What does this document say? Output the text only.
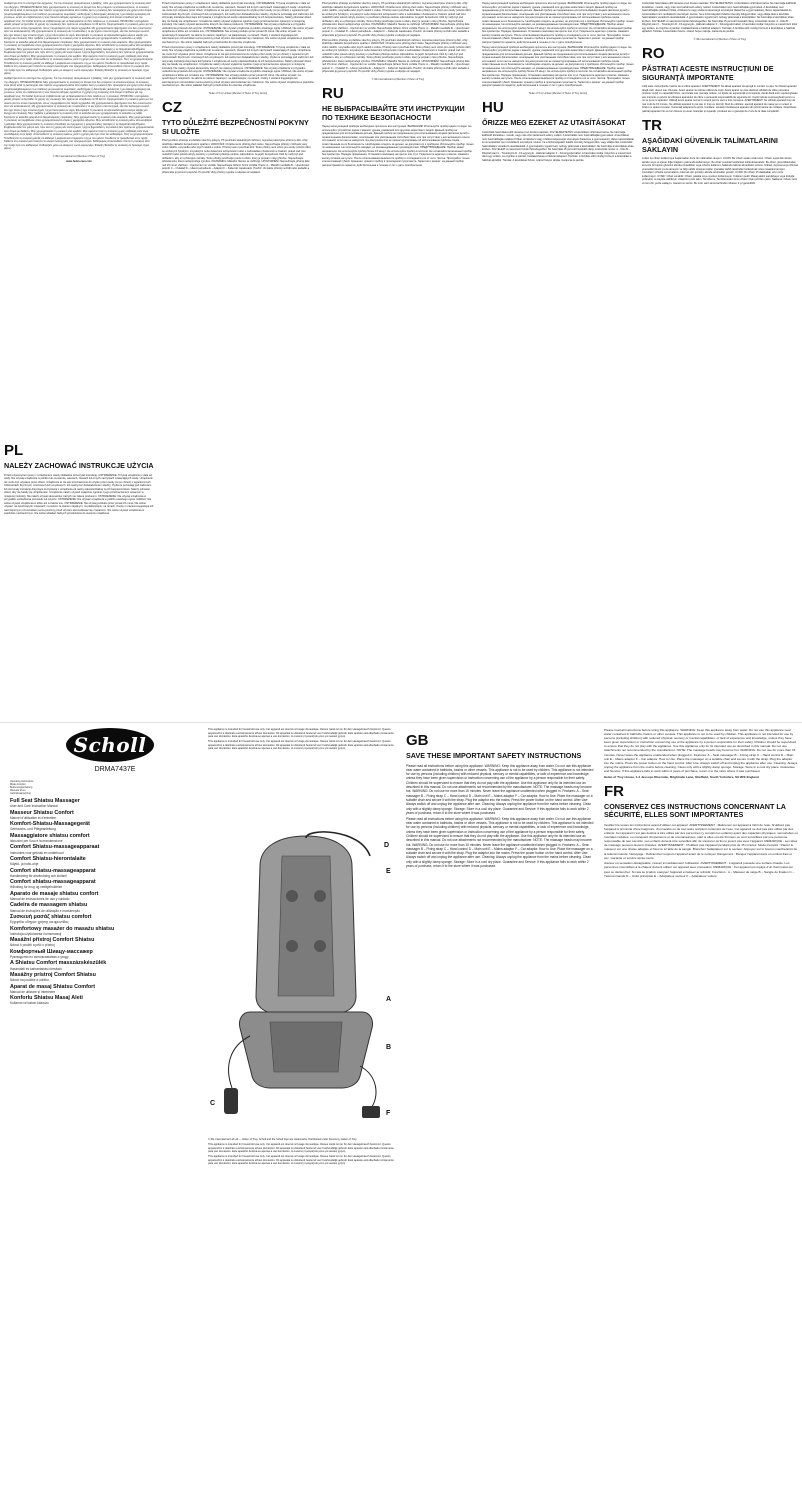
ανεξάρτητα από το σύστημα του οχήματος. Για την αποφυγή τραυματισμών ή βλάβης, ποτέ μην χρησιμοποιείτε τη συσκευή κατά την οδήγηση. ΠΡΟΕΙΔΟΠΟΙΗΣΗ: Μην χρησιμοποιείτε τη συσκευή σε άτομα που δεν μπορούν να επικοινωνήσουν. Η συσκευή είναι ζεστή κατά τη λειτουργία. Δεν πρέπει να χρησιμοποιείται από παιδιά. Αυτή η συσκευή δεν προορίζεται για χρήση από άτομα (συμπεριλαμβανομένων των παιδιών) με μειωμένες σωματικές, αισθητήριες ή διανοητικές ικανότητες ή με έλλειψη εμπειρίας και γνώσεων, εκτός αν επιβλέπονται ή τους δίνονται οδηγίες σχετικά με τη χρήση της συσκευής από άτομο υπεύθυνο για την ασφάλειά τους. Τα παιδιά πρέπει να επιβλέπονται για να διασφαλιστεί ότι δεν παίζουν με τη συσκευή. ΠΡΟΣΟΧΗ: Η επιφάνεια μασάζ μπορεί να ζεσταθεί. Η χρήση της συσκευής δεν πρέπει να υπερβαίνει τα 15 λεπτά. Χρησιμοποιείτε τη συσκευή μόνο για τον σκοπό για τον οποίο προορίζεται, όπως περιγράφεται στο παρόν εγχειρίδιο. Μη χρησιμοποιείτε εξαρτήματα που δεν συνιστώνται από τον κατασκευαστή. Μη χρησιμοποιείτε τη συσκευή εάν το καλώδιο ή το φις έχουν υποστεί ζημιά, εάν δεν λειτουργεί σωστά, εάν έχει πέσει ή έχει υποστεί ζημιά, ή έχει πέσει μέσα σε νερό. Επιστρέψτε τη συσκευή σε εξουσιοδοτημένο κέντρο σέρβις για έλεγχο και επισκευή. Μην τραβάτε ή μεταφέρετε τη συσκευή από το καλώδιο και μην χρησιμοποιείτε το καλώδιο ως λαβή. Κρατήστε το καλώδιο μακριά από θερμαινόμενες επιφάνειες. Μην χρησιμοποιείτε τη συσκευή όταν κοιμάστε. Μην χρησιμοποιείτε τη συσκευή σε περιβάλλον όπου χρησιμοποιούνται σπρέι ή χορηγείται οξυγόνο. Μην τοποθετείτε τη συσκευή κάτω από κουβέρτα ή μαξιλάρι. Μην χρησιμοποιείτε τη συσκευή απευθείας σε πρησμένες ή φλεγμονώδεις περιοχές ή σε δερματικά εξανθήματα. Συμβουλευτείτε τον γιατρό σας πριν από τη χρήση εάν είστε έγκυος ή έχετε βηματοδότη. Η συσκευή δεν πρέπει να χρησιμοποιείται από άτομα με διαβήτη. Μην χρησιμοποιείτε τη συσκευή στο κρεβάτι. Μην αφήνετε ποτέ τη συσκευή χωρίς επίβλεψη όταν είναι συνδεδεμένη στην πρίζα. Αποσυνδέστε τη συσκευή αμέσως μετά τη χρήση και πριν από τον καθαρισμό. Πώς να χρησιμοποιήσετε Τοποθετήστε τη συσκευή μασάζ σε κάθισμα ή καρέκλα και στερεώστε την με τον ιμάντα. Συνδέστε το τροφοδοτικό στην πρίζα. Καθίστε στη συσκευή και πατήστε το κουμπί λειτουργίας στο τηλεχειριστήριο. Καθαρισμός Αποσυνδέετε πάντα τη συσκευή από την πρίζα πριν τον καθαρισμό. Καθαρίζετε μόνο με ελαφρώς νωπό σφουγγάρι. Φύλαξη Φυλάξτε τη συσκευή σε δροσερό, ξηρό μέρος.

ανεξάρτητα από το σύστημα του οχήματος. Για την αποφυγή τραυματισμών ή βλάβης, ποτέ μην χρησιμοποιείτε τη συσκευή κατά την οδήγηση. ΠΡΟΕΙΔΟΠΟΙΗΣΗ: Μην χρησιμοποιείτε τη συσκευή σε άτομα που δεν μπορούν να επικοινωνήσουν. Η συσκευή είναι ζεστή κατά τη λειτουργία. Δεν πρέπει να χρησιμοποιείται από παιδιά. Αυτή η συσκευή δεν προορίζεται για χρήση από άτομα (συμπεριλαμβανομένων των παιδιών) με μειωμένες σωματικές, αισθητήριες ή διανοητικές ικανότητες ή με έλλειψη εμπειρίας και γνώσεων, εκτός αν επιβλέπονται ή τους δίνονται οδηγίες σχετικά με τη χρήση της συσκευής από άτομο υπεύθυνο για την ασφάλειά τους. Τα παιδιά πρέπει να επιβλέπονται για να διασφαλιστεί ότι δεν παίζουν με τη συσκευή. ΠΡΟΣΟΧΗ: Η επιφάνεια μασάζ μπορεί να ζεσταθεί. Η χρήση της συσκευής δεν πρέπει να υπερβαίνει τα 15 λεπτά. Χρησιμοποιείτε τη συσκευή μόνο για τον σκοπό για τον οποίο προορίζεται, όπως περιγράφεται στο παρόν εγχειρίδιο. Μη χρησιμοποιείτε εξαρτήματα που δεν συνιστώνται από τον κατασκευαστή. Μη χρησιμοποιείτε τη συσκευή εάν το καλώδιο ή το φις έχουν υποστεί ζημιά, εάν δεν λειτουργεί σωστά, εάν έχει πέσει ή έχει υποστεί ζημιά, ή έχει πέσει μέσα σε νερό. Επιστρέψτε τη συσκευή σε εξουσιοδοτημένο κέντρο σέρβις για έλεγχο και επισκευή. Μην τραβάτε ή μεταφέρετε τη συσκευή από το καλώδιο και μην χρησιμοποιείτε το καλώδιο ως λαβή. Κρατήστε το καλώδιο μακριά από θερμαινόμενες επιφάνειες. Μην χρησιμοποιείτε τη συσκευή όταν κοιμάστε. Μην χρησιμοποιείτε τη συσκευή σε περιβάλλον όπου χρησιμοποιούνται σπρέι ή χορηγείται οξυγόνο. Μην τοποθετείτε τη συσκευή κάτω από κουβέρτα ή μαξιλάρι. Μην χρησιμοποιείτε τη συσκευή απευθείας σε πρησμένες ή φλεγμονώδεις περιοχές ή σε δερματικά εξανθήματα. Συμβουλευτείτε τον γιατρό σας πριν από τη χρήση εάν είστε έγκυος ή έχετε βηματοδότη. Η συσκευή δεν πρέπει να χρησιμοποιείται από άτομα με διαβήτη. Μην χρησιμοποιείτε τη συσκευή στο κρεβάτι. Μην αφήνετε ποτέ τη συσκευή χωρίς επίβλεψη όταν είναι συνδεδεμένη στην πρίζα. Αποσυνδέστε τη συσκευή αμέσως μετά τη χρήση και πριν από τον καθαρισμό. Πώς να χρησιμοποιήσετε Τοποθετήστε τη συσκευή μασάζ σε κάθισμα ή καρέκλα και στερεώστε την με τον ιμάντα. Συνδέστε το τροφοδοτικό στην πρίζα. Καθίστε στη συσκευή και πατήστε το κουμπί λειτουργίας στο τηλεχειριστήριο. Καθαρισμός Αποσυνδέετε πάντα τη συσκευή από την πρίζα πριν τον καθαρισμό. Καθαρίζετε μόνο με ελαφρώς νωπό σφουγγάρι. Φύλαξη Φυλάξτε τη συσκευή σε δροσερό, ξηρό μέρος.

© IDL International Ltd (Member of Helen of Troy)

www.helen-care.com

PL
NALEŻY ZACHOWAĆ INSTRUKCJE UŻYCIA

Przed rozpoczęciem pracy z urządzeniem należy dokładnie przeczytać instrukcję. OSTRZEŻENIE: Trzymaj urządzenie z dala od wody. Nie używaj urządzenia w pobliżu lub na wannie, wannach, zlewach lub innych naczyniach zawierających wodę. Urządzenie nie może być używane przez dzieci. Urządzenie to nie jest przeznaczone do użytku przez osoby (w tym dzieci) o ograniczonych zdolnościach fizycznych, czuciowych lub umysłowych, lub osoby bez doświadczenia i wiedzy, chyba że pozostają pod nadzorem lub otrzymały instrukcje dotyczące korzystania z urządzenia od osoby odpowiedzialnej za ich bezpieczeństwo. Należy pilnować dzieci, aby nie bawiły się urządzeniem. Urządzenie należy używać wyłącznie zgodnie z jego przeznaczeniem opisanym w niniejszej instrukcji. Nie należy używać akcesoriów, których nie zaleca producent. OSTRZEŻENIE: Nie używaj urządzenia w przypadku uszkodzenia przewodu lub wtyczki. OSTRZEŻENIE: Nie używać urządzenia w pobliżu otwartego ognia. UWAGA: Nie wolno używać urządzenia w łóżku ani w trakcie snu. OSTRZEŻENIE: Nie używaj produktu przez ponad 15 minut. Nie wolno używać: na opuchniętych miejscach; na skórze ze stanem zapalnym; na płaskostopiu; na ranach. Osoby z urazami kręgosłupa lub wszczepionym rozrusznikiem serca powinny przed użyciem skonsultować się z lekarzem. Nie wolno używać urządzenia w pojeździe mechanicznym. Nie wolno wkładać żadnych przedmiotów do otworów urządzenia.

Przed rozpoczęciem pracy z urządzeniem należy dokładnie przeczytać instrukcję. OSTRZEŻENIE: Trzymaj urządzenie z dala od wody. Nie używaj urządzenia w pobliżu lub na wannie, wannach, zlewach lub innych naczyniach zawierających wodę. Urządzenie nie może być używane przez dzieci. Urządzenie to nie jest przeznaczone do użytku przez osoby (w tym dzieci) o ograniczonych zdolnościach fizycznych, czuciowych lub umysłowych, lub osoby bez doświadczenia i wiedzy, chyba że pozostają pod nadzorem lub otrzymały instrukcje dotyczące korzystania z urządzenia od osoby odpowiedzialnej za ich bezpieczeństwo. Należy pilnować dzieci, aby nie bawiły się urządzeniem. Urządzenie należy używać wyłącznie zgodnie z jego przeznaczeniem opisanym w niniejszej instrukcji. Nie należy używać akcesoriów, których nie zaleca producent. OSTRZEŻENIE: Nie używaj urządzenia w przypadku uszkodzenia przewodu lub wtyczki. OSTRZEŻENIE: Nie używać urządzenia w pobliżu otwartego ognia. UWAGA: Nie wolno używać urządzenia w łóżku ani w trakcie snu. OSTRZEŻENIE: Nie używaj produktu przez ponad 15 minut. Nie wolno używać: na opuchniętych miejscach; na skórze ze stanem zapalnym; na płaskostopiu; na ranach. Osoby z urazami kręgosłupa lub wszczepionym rozrusznikiem serca powinny przed użyciem skonsultować się z lekarzem. Nie wolno używać urządzenia w pojeździe mechanicznym. Nie wolno wkładać żadnych przedmiotów do otworów urządzenia.

Przed rozpoczęciem pracy z urządzeniem należy dokładnie przeczytać instrukcję. OSTRZEŻENIE: Trzymaj urządzenie z dala od wody. Nie używaj urządzenia w pobliżu lub na wannie, wannach, zlewach lub innych naczyniach zawierających wodę. Urządzenie nie może być używane przez dzieci. Urządzenie to nie jest przeznaczone do użytku przez osoby (w tym dzieci) o ograniczonych zdolnościach fizycznych, czuciowych lub umysłowych, lub osoby bez doświadczenia i wiedzy, chyba że pozostają pod nadzorem lub otrzymały instrukcje dotyczące korzystania z urządzenia od osoby odpowiedzialnej za ich bezpieczeństwo. Należy pilnować dzieci, aby nie bawiły się urządzeniem. Urządzenie należy używać wyłącznie zgodnie z jego przeznaczeniem opisanym w niniejszej instrukcji. Nie należy używać akcesoriów, których nie zaleca producent. OSTRZEŻENIE: Nie używaj urządzenia w przypadku uszkodzenia przewodu lub wtyczki. OSTRZEŻENIE: Nie używać urządzenia w pobliżu otwartego ognia. UWAGA: Nie wolno używać urządzenia w łóżku ani w trakcie snu. OSTRZEŻENIE: Nie używaj produktu przez ponad 15 minut. Nie wolno używać: na opuchniętych miejscach; na skórze ze stanem zapalnym; na płaskostopiu; na ranach. Osoby z urazami kręgosłupa lub wszczepionym rozrusznikiem serca powinny przed użyciem skonsultować się z lekarzem. Nie wolno używać urządzenia w pojeździe mechanicznym. Nie wolno wkładać żadnych przedmiotów do otworów urządzenia.

Helen of Troy Limited (Member of Helen of Troy Group)

CZ
TYTO DŮLEŽITÉ BEZPEČNOSTNÍ POKYNY SI ULOŽTE

Před použitím přístroje si přečtěte všechny pokyny. Při používání elektrických zařízení, zejména pokud jsou přítomny děti, vždy dodržujte základní bezpečnostní opatření. VAROVÁNÍ: Chraňte tento přístroj před vodou. Nepoužívejte přístroj v blízkosti vany, vodní nádrže, umyvadla nebo jiných nádob s vodou. Přístroj nesmí používat děti. Tento přístroj není určen pro osoby (včetně dětí) se sníženými fyzickými, smyslovými nebo duševními schopnostmi nebo s nedostatkem zkušeností a znalostí, pokud nad nimi nedohlíží nebo pokud nebyly poučeny o používání přístroje osobou odpovědnou za jejich bezpečnost. Děti by měly být pod dohledem, aby si s přístrojem nehrály. Tento přístroj používejte pouze k účelu, který je popsán v této příručce. Nepoužívejte příslušenství, které nedoporučuje výrobce. POZNÁMKA: Masážní hlavice se zahřívají. UPOZORNĚNÍ: Nepoužívejte přístroj déle než 15 minut. Zařízení - Upozornění ve vozidle. Nepoužívejte během řízení vozidla. Popis: A – Masážní sedadlo B – Upevňovací popruh C – Ovladač D – Hlavní jednotka E – Adaptér F – Kabel do zapalovače. Použití: Umístěte přístroj na židli nebo sedadlo a připevněte jej pomocí popruhů. Po použití vždy přístroj vypněte a odpojte od napájení.

Před použitím přístroje si přečtěte všechny pokyny. Při používání elektrických zařízení, zejména pokud jsou přítomny děti, vždy dodržujte základní bezpečnostní opatření. VAROVÁNÍ: Chraňte tento přístroj před vodou. Nepoužívejte přístroj v blízkosti vany, vodní nádrže, umyvadla nebo jiných nádob s vodou. Přístroj nesmí používat děti. Tento přístroj není určen pro osoby (včetně dětí) se sníženými fyzickými, smyslovými nebo duševními schopnostmi nebo s nedostatkem zkušeností a znalostí, pokud nad nimi nedohlíží nebo pokud nebyly poučeny o používání přístroje osobou odpovědnou za jejich bezpečnost. Děti by měly být pod dohledem, aby si s přístrojem nehrály. Tento přístroj používejte pouze k účelu, který je popsán v této příručce. Nepoužívejte příslušenství, které nedoporučuje výrobce. POZNÁMKA: Masážní hlavice se zahřívají. UPOZORNĚNÍ: Nepoužívejte přístroj déle než 15 minut. Zařízení - Upozornění ve vozidle. Nepoužívejte během řízení vozidla. Popis: A – Masážní sedadlo B – Upevňovací popruh C – Ovladač D – Hlavní jednotka E – Adaptér F – Kabel do zapalovače. Použití: Umístěte přístroj na židli nebo sedadlo a připevněte jej pomocí popruhů. Po použití vždy přístroj vypněte a odpojte od napájení.

Před použitím přístroje si přečtěte všechny pokyny. Při používání elektrických zařízení, zejména pokud jsou přítomny děti, vždy dodržujte základní bezpečnostní opatření. VAROVÁNÍ: Chraňte tento přístroj před vodou. Nepoužívejte přístroj v blízkosti vany, vodní nádrže, umyvadla nebo jiných nádob s vodou. Přístroj nesmí používat děti. Tento přístroj není určen pro osoby (včetně dětí) se sníženými fyzickými, smyslovými nebo duševními schopnostmi nebo s nedostatkem zkušeností a znalostí, pokud nad nimi nedohlíží nebo pokud nebyly poučeny o používání přístroje osobou odpovědnou za jejich bezpečnost. Děti by měly být pod dohledem, aby si s přístrojem nehrály. Tento přístroj používejte pouze k účelu, který je popsán v této příručce. Nepoužívejte příslušenství, které nedoporučuje výrobce. POZNÁMKA: Masážní hlavice se zahřívají. UPOZORNĚNÍ: Nepoužívejte přístroj déle než 15 minut. Zařízení - Upozornění ve vozidle. Nepoužívejte během řízení vozidla. Popis: A – Masážní sedadlo B – Upevňovací popruh C – Ovladač D – Hlavní jednotka E – Adaptér F – Kabel do zapalovače. Použití: Umístěte přístroj na židli nebo sedadlo a připevněte jej pomocí popruhů. Po použití vždy přístroj vypněte a odpojte od napájení.

© IDL International Ltd (Member of Helen of Troy)

RU
НЕ ВЫБРАСЫВАЙТЕ ЭТИ ИНСТРУКЦИИ ПО ТЕХНИКЕ БЕЗОПАСНОСТИ

Перед эксплуатацией прибора необходимо прочитать все инструкции. ВНИМАНИЕ! Используйте прибор вдали от воды. Не используйте устройство рядом с ванной, душем, раковиной или другими емкостями с водой. Данный прибор не предназначен для использования детьми. Данный прибор не предназначен для использования лицами (включая детей) с ограниченными физическими, сенсорными или умственными способностями, или при отсутствии у них жизненного опыта или знаний, если они не находятся под контролем или не проинструктированы об использовании прибора лицом, ответственным за их безопасность. Необходимо следить за детьми, не допуская игр с прибором. Используйте прибор только по назначению. Не используйте насадки, не рекомендованные производителем. ПРЕДУПРЕЖДЕНИЕ: Прибор может нагреваться. Не используйте прибор более 15 минут. Не используйте прибор в постели. Не оставляйте включенный прибор без присмотра. Порядок применения. Установите массажер на кресло или стул. Подключите адаптер к розетке. Нажмите кнопку питания на пульте. После использования выключите прибор и отсоедините его от сети. Чистка. Протирайте только слегка влажной губкой. Хранение: храните прибор в прохладном сухом месте. Гарантия и ремонт: на данный прибор распространяется гарантия, действительная в течение 2 лет с даты приобретения.

Перед эксплуатацией прибора необходимо прочитать все инструкции. ВНИМАНИЕ! Используйте прибор вдали от воды. Не используйте устройство рядом с ванной, душем, раковиной или другими емкостями с водой. Данный прибор не предназначен для использования детьми. Данный прибор не предназначен для использования лицами (включая детей) с ограниченными физическими, сенсорными или умственными способностями, или при отсутствии у них жизненного опыта или знаний, если они не находятся под контролем или не проинструктированы об использовании прибора лицом, ответственным за их безопасность. Необходимо следить за детьми, не допуская игр с прибором. Используйте прибор только по назначению. Не используйте насадки, не рекомендованные производителем. ПРЕДУПРЕЖДЕНИЕ: Прибор может нагреваться. Не используйте прибор более 15 минут. Не используйте прибор в постели. Не оставляйте включенный прибор без присмотра. Порядок применения. Установите массажер на кресло или стул. Подключите адаптер к розетке. Нажмите кнопку питания на пульте. После использования выключите прибор и отсоедините его от сети. Чистка. Протирайте только слегка влажной губкой. Хранение: храните прибор в прохладном сухом месте. Гарантия и ремонт: на данный прибор распространяется гарантия, действительная в течение 2 лет с даты приобретения.

Перед эксплуатацией прибора необходимо прочитать все инструкции. ВНИМАНИЕ! Используйте прибор вдали от воды. Не используйте устройство рядом с ванной, душем, раковиной или другими емкостями с водой. Данный прибор не предназначен для использования детьми. Данный прибор не предназначен для использования лицами (включая детей) с ограниченными физическими, сенсорными или умственными способностями, или при отсутствии у них жизненного опыта или знаний, если они не находятся под контролем или не проинструктированы об использовании прибора лицом, ответственным за их безопасность. Необходимо следить за детьми, не допуская игр с прибором. Используйте прибор только по назначению. Не используйте насадки, не рекомендованные производителем. ПРЕДУПРЕЖДЕНИЕ: Прибор может нагреваться. Не используйте прибор более 15 минут. Не используйте прибор в постели. Не оставляйте включенный прибор без присмотра. Порядок применения. Установите массажер на кресло или стул. Подключите адаптер к розетке. Нажмите кнопку питания на пульте. После использования выключите прибор и отсоедините его от сети. Чистка. Протирайте только слегка влажной губкой. Хранение: храните прибор в прохладном сухом месте. Гарантия и ремонт: на данный прибор распространяется гарантия, действительная в течение 2 лет с даты приобретения.

Helen of Troy Limited (Member of Helen of Troy Group)

HU
ŐRIZZE MEG EZEKET AZ UTASÍTÁSOKAT

A készülék használata előtt olvassa el az összes utasítást. FIGYELMEZTETÉS: A készüléket víztől távol tartsa. Ne használja kádfürdő közelében, mosdó, vagy más vizet tartalmazó edény mellett. A készüléket nem használhatják gyermekek. A készüléket nem használhatják csökkent fizikai, érzékszervi vagy szellemi képességű személyek (beleértve a gyermekeket), illetve tapasztalattal és ismeretekkel nem rendelkező személyek, kivéve, ha a biztonságukért felelős személy felügyeli őket, vagy ellátja őket a készülék használatára vonatkozó utasításokkal. A gyermekekre ügyelni kell, nehogy játszanak a készülékkel. Ne használja a készüléket alvás közben. FIGYELEM: A masszírozó felület felmelegedhet. Ne használja 15 percnél hosszabb ideig. A készülék részei: A - Ülés B - Rögzítő pánt C - Távirányító D - Fő egység E - Hálózati adapter F - Szivargyújtó kábel. A használat módja: helyezze a masszírozó ülést egy székre, és rögzítse a pánttal. Csatlakoztassa a hálózati adaptert. Tisztítás: A tisztítás előtt mindig húzza ki a készüléket a hálózati aljzatból. Tárolás: A készüléket hűvös, száraz helyen tárolja. Garancia és javítás.

A készülék használata előtt olvassa el az összes utasítást. FIGYELMEZTETÉS: A készüléket víztől távol tartsa. Ne használja kádfürdő közelében, mosdó, vagy más vizet tartalmazó edény mellett. A készüléket nem használhatják gyermekek. A készüléket nem használhatják csökkent fizikai, érzékszervi vagy szellemi képességű személyek (beleértve a gyermekeket), illetve tapasztalattal és ismeretekkel nem rendelkező személyek, kivéve, ha a biztonságukért felelős személy felügyeli őket, vagy ellátja őket a készülék használatára vonatkozó utasításokkal. A gyermekekre ügyelni kell, nehogy játszanak a készülékkel. Ne használja a készüléket alvás közben. FIGYELEM: A masszírozó felület felmelegedhet. Ne használja 15 percnél hosszabb ideig. A készülék részei: A - Ülés B - Rögzítő pánt C - Távirányító D - Fő egység E - Hálózati adapter F - Szivargyújtó kábel. A használat módja: helyezze a masszírozó ülést egy székre, és rögzítse a pánttal. Csatlakoztassa a hálózati adaptert. Tisztítás: A tisztítás előtt mindig húzza ki a készüléket a hálózati aljzatból. Tárolás: A készüléket hűvös, száraz helyen tárolja. Garancia és javítás.

© IDL International Ltd (Member of Helen of Troy)

RO
PĂSTRAȚI ACESTE INSTRUCȚIUNI DE SIGURANȚĂ IMPORTANTE

Citiți toate instrucțiunile înainte de a utiliza aparatul. AVERTISMENT: Nu lăsați aparatul să ajungă în contact cu apa. Nu folosiți aparatul lângă cazi, dușuri sau chiuvete. Acest aparat nu trebuie utilizat de copii. Acest aparat nu este destinat utilizării de către persoane (inclusiv copii) cu capacități fizice, senzoriale sau mentale reduse, ori lipsite de experiență și cunoștințe, decât dacă sunt supravegheate sau instruite cu privire la utilizarea aparatului de către o persoană responsabilă de siguranța lor. Copiii trebuie supravegheați pentru a nu se juca cu aparatul. Utilizați acest aparat numai în scopul pentru care a fost conceput. AVERTISMENT: Nu utilizați aparatul timp de mai mult de 15 minute. Nu utilizați aparatul în pat sau în timp ce dormiți. Mod de utilizare: așezați aparatul de masaj pe un scaun și fixați-l cu ajutorul curelei. Conectați adaptorul la priză. Curățare: scoateți întotdeauna aparatul din priză înainte de curățare. Depozitare: păstrați aparatul într-un loc răcoros și uscat. Garanție și reparații: produsul are o garanție de 2 ani de la data cumpărării.

TR
AŞAĞIDAKİ GÜVENLİK TALİMATLARINI SAKLAYIN

Lütfen bu cihazı kullanmaya başlamadan önce tüm talimatları okuyun. UYARI: Bu cihazı sudan uzak tutun. Cihazı suyla dolu küvet, lavabo veya su içeren diğer kapların yakınında kullanmayın. Bu cihaz çocuklar tarafından kullanılmamalıdır. Bu cihaz, güvenliklerinden sorumlu bir kişinin gözetimi altında olmadıkları veya cihazın kullanımı hakkında talimat almadıkları sürece, fiziksel, duyusal veya zihinsel yetenekleri kısıtlı ya da deneyim ve bilgi sahibi olmayan kişiler (çocuklar dahil) tarafından kullanılmak üzere tasarlanmamıştır. Çocukların cihazla oynamalarını önlemek için gözetim altında tutulmaları gerekir. UYARI: Bu cihazı 15 dakikadan uzun süre kullanmayın. UYARI: Cihaz ısınabilir. Cihazı yatakta veya uyurken kullanmayın. Kullanım şekli: Masaj aletini sandalyeye veya koltuğa yerleştirin ve kayışla sabitleyin. Adaptörü prize takın. Temizleme: Temizlemeden önce cihazın fişini prizden çekin. Saklama: Cihazı serin ve kuru bir yerde saklayın. Garanti ve servis: Bu ürün satın alma tarihinden itibaren 2 yıl garantilidir.

Scholl
DRMA7437E
Operating Instructions
Mode d'emploi
Bedienungsanleitung
Manuale d'uso
Gebruiksaanwijzing

Full Seat Shiatsu Massager

User and Care Instruction Manual

Masseur Shiatsu Confort

Manuel d'utilisation et d'entretien

Komfort-Shiatsu-Massagegerät

Gebrauchs- und Pflegeanleitung

Massaggiatore shiatsu comfort

Istruzioni per l'uso e la manutenzione

Comfort Shiatsu-massageapparaat

Instructies voor gebruik en onderhoud

Comfort Shiatsu-hierontalaite

Käyttö- ja hoito-ohje

Comfort shiatsu-massageapparat

Handledning för användning och skötsel

Comfort shiatsu-massageapparat

Håndbog for brug og vedligeholdelse

Aparato de masaje shiatsu confort

Manual de instrucciones de uso y cuidado

Cadeira de massagem shiatsu

Manual de instruções de utilização e manutenção

Συσκευή μασάζ shiatsu comfort

Εγχειρίδιο οδηγιών χρήσης και φροντίδας

Komfortowy masażer do masażu shiatsu

Instrukcja użytkowania i konserwacji

Masážní přístroj Comfort Shiatsu

Návod k použití a péči o přístroj

Комфортный Шиацу-массажер

Руководство по использованию и уходу

A Shiatsu Comfort masszázskészülék

Használati és karbantartási útmutató

Masážny prístroj Comfort Shiatsu

Návod na použitie a údržbu

Aparat de masaj Shiatsu Comfort

Manual de utilizare și întreținere

Konforlu Shiatsu Masaj Aleti

Kullanım ve bakım kılavuzu

This appliance is intended for household use only. Cet appareil est réservé à l'usage domestique. Dieses Gerät ist nur für den Hausgebrauch bestimmt. Questo apparecchio è destinato esclusivamente all'uso domestico. Dit apparaat is uitsluitend bestemd voor huishoudelijk gebruik. Este aparato está diseñado únicamente para uso doméstico. Este aparelho destina-se apenas a uso doméstico. Η συσκευή προορίζεται μόνο για οικιακή χρήση.

This appliance is intended for household use only. Cet appareil est réservé à l'usage domestique. Dieses Gerät ist nur für den Hausgebrauch bestimmt. Questo apparecchio è destinato esclusivamente all'uso domestico. Dit apparaat is uitsluitend bestemd voor huishoudelijk gebruik. Este aparato está diseñado únicamente para uso doméstico. Este aparelho destina-se apenas a uso doméstico. Η συσκευή προορίζεται μόνο για οικιακή χρήση.

A
B
C
D
E
F

© IDL International Ltd Ltd — Helen of Troy. Scholl and the Scholl logo are trademarks. Distributed under licence by Helen of Troy.

This appliance is intended for household use only. Cet appareil est réservé à l'usage domestique. Dieses Gerät ist nur für den Hausgebrauch bestimmt. Questo apparecchio è destinato esclusivamente all'uso domestico. Dit apparaat is uitsluitend bestemd voor huishoudelijk gebruik. Este aparato está diseñado únicamente para uso doméstico. Este aparelho destina-se apenas a uso doméstico. Η συσκευή προορίζεται μόνο για οικιακή χρήση.

This appliance is intended for household use only. Cet appareil est réservé à l'usage domestique. Dieses Gerät ist nur für den Hausgebrauch bestimmt. Questo apparecchio è destinato esclusivamente all'uso domestico. Dit apparaat is uitsluitend bestemd voor huishoudelijk gebruik. Este aparato está diseñado únicamente para uso doméstico. Este aparelho destina-se apenas a uso doméstico. Η συσκευή προορίζεται μόνο για οικιακή χρήση.

GB
SAVE THESE IMPORTANT SAFETY INSTRUCTIONS

Please read all instructions before using this appliance. WARNING: Keep this appliance away from water. Do not use this appliance near water contained in bathtubs, basins or other vessels. This appliance is not to be used by children. This appliance is not intended for use by persons (including children) with reduced physical, sensory or mental capabilities, or lack of experience and knowledge, unless they have been given supervision or instruction concerning use of the appliance by a person responsible for their safety. Children should be supervised to ensure that they do not play with the appliance. Use this appliance only for its intended use as described in this manual. Do not use attachments not recommended by the manufacturer. NOTE: The massage heads may become hot. WARNING: Do not use for more than 15 minutes. Never leave the appliance unattended when plugged in. Features: A – Seat massager B – Fixing strap C – Hand control D – Main unit E – Mains adaptor F – Car adaptor. How to Use: Place the massager on a suitable chair and secure it with the strap. Plug the adaptor into the mains. Press the power button on the hand control. After Use: Always switch off and unplug the appliance after use. Cleaning: Always unplug the appliance from the mains before cleaning. Clean only with a slightly damp sponge. Storage: Store in a cool dry place. Guarantee and Service: If this appliance fails to work within 2 years of purchase, return it to the store where it was purchased.

Please read all instructions before using this appliance. WARNING: Keep this appliance away from water. Do not use this appliance near water contained in bathtubs, basins or other vessels. This appliance is not to be used by children. This appliance is not intended for use by persons (including children) with reduced physical, sensory or mental capabilities, or lack of experience and knowledge, unless they have been given supervision or instruction concerning use of the appliance by a person responsible for their safety. Children should be supervised to ensure that they do not play with the appliance. Use this appliance only for its intended use as described in this manual. Do not use attachments not recommended by the manufacturer. NOTE: The massage heads may become hot. WARNING: Do not use for more than 15 minutes. Never leave the appliance unattended when plugged in. Features: A – Seat massager B – Fixing strap C – Hand control D – Main unit E – Mains adaptor F – Car adaptor. How to Use: Place the massager on a suitable chair and secure it with the strap. Plug the adaptor into the mains. Press the power button on the hand control. After Use: Always switch off and unplug the appliance after use. Cleaning: Always unplug the appliance from the mains before cleaning. Clean only with a slightly damp sponge. Storage: Store in a cool dry place. Guarantee and Service: If this appliance fails to work within 2 years of purchase, return it to the store where it was purchased.

Please read all instructions before using this appliance. WARNING: Keep this appliance away from water. Do not use this appliance near water contained in bathtubs, basins or other vessels. This appliance is not to be used by children. This appliance is not intended for use by persons (including children) with reduced physical, sensory or mental capabilities, or lack of experience and knowledge, unless they have been given supervision or instruction concerning use of the appliance by a person responsible for their safety. Children should be supervised to ensure that they do not play with the appliance. Use this appliance only for its intended use as described in this manual. Do not use attachments not recommended by the manufacturer. NOTE: The massage heads may become hot. WARNING: Do not use for more than 15 minutes. Never leave the appliance unattended when plugged in. Features: A – Seat massager B – Fixing strap C – Hand control D – Main unit E – Mains adaptor F – Car adaptor. How to Use: Place the massager on a suitable chair and secure it with the strap. Plug the adaptor into the mains. Press the power button on the hand control. After Use: Always switch off and unplug the appliance after use. Cleaning: Always unplug the appliance from the mains before cleaning. Clean only with a slightly damp sponge. Storage: Store in a cool dry place. Guarantee and Service: If this appliance fails to work within 2 years of purchase, return it to the store where it was purchased.

Helen of Troy House, 1-4 Jessops Riverside, Brightside Lane, Sheffield, South Yorkshire, S9 2RX England

FR
CONSERVEZ CES INSTRUCTIONS CONCERNANT LA SÉCURITÉ, ELLES SONT IMPORTANTES

Veuillez lire toutes les instructions avant d'utiliser cet appareil. AVERTISSEMENT : Maintenez cet appareil à l'abri de l'eau. N'utilisez pas l'appareil à proximité d'une baignoire, d'un lavabo ou de tout autre récipient contenant de l'eau. Cet appareil ne doit pas être utilisé par des enfants. Cet appareil n'est pas destiné à être utilisé par des personnes (y compris les enfants) ayant des capacités physiques, sensorielles ou mentales réduites, ou manquant d'expérience et de connaissances, sauf si elles ont été formées ou sont surveillées par une personne responsable de leur sécurité. Les enfants doivent être surveillés afin de s'assurer qu'ils ne jouent pas avec l'appareil. REMARQUE : Les têtes de massage peuvent devenir chaudes. AVERTISSEMENT : N'utilisez pas l'appareil pendant plus de 15 minutes. Mode d'emploi : Placez le masseur sur une chaise adaptée et fixez-le à l'aide de la sangle. Branchez l'adaptateur sur le secteur. Appuyez sur le bouton marche/arrêt de la télécommande. Nettoyage : Débranchez toujours l'appareil avant de le nettoyer. Rangement : Rangez l'appareil dans un endroit frais et sec. Garantie et service après-vente.

douleur ou sensation désagréable, cessez immédiatement l'utilisation. AVERTISSEMENT : L'appareil possède une surface chaude. Les personnes insensibles à la chaleur doivent utiliser cet appareil avec précaution. REMARQUE : Cet appareil est équipé d'un thermostat qui peut se déclencher. Si cela se produit, éteignez l'appareil et laissez-le refroidir. Fonctions : A – Masseur de siège B – Sangle de fixation C – Télécommande D – Unité principale E – Adaptateur secteur F – Adaptateur voiture.
